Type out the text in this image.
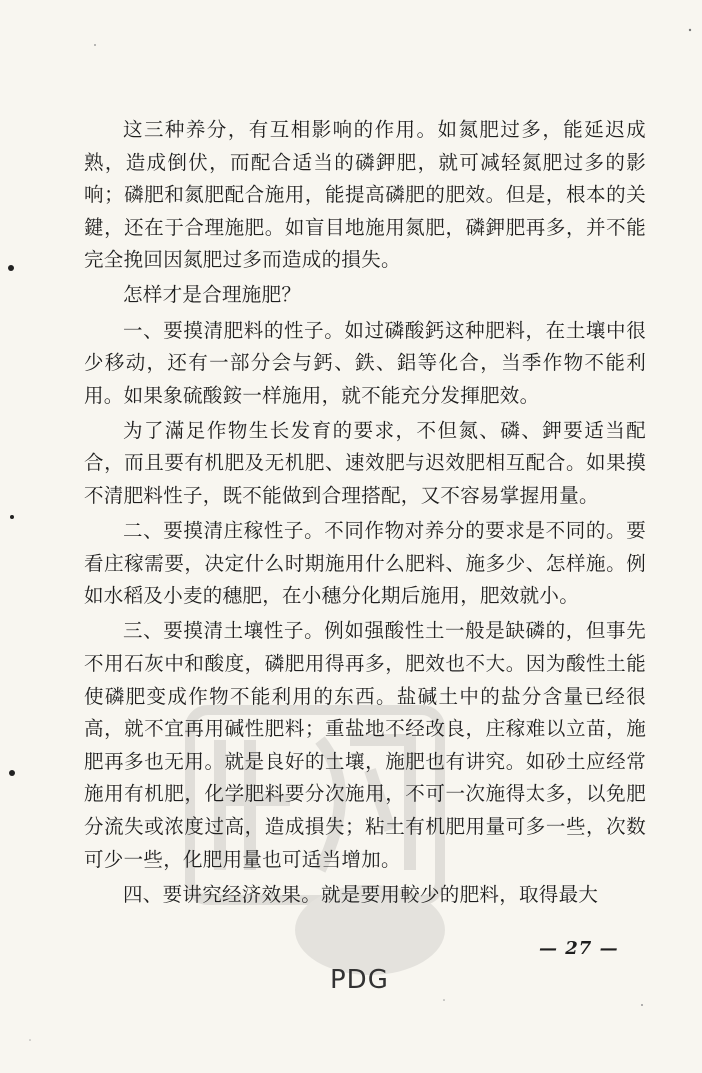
PDG

这三种养分，有互相影响的作用。如氮肥过多，能延迟成熟，造成倒伏，而配合适当的磷鉀肥，就可减轻氮肥过多的影响；磷肥和氮肥配合施用，能提高磷肥的肥效。但是，根本的关鍵，还在于合理施肥。如盲目地施用氮肥，磷鉀肥再多，并不能完全挽回因氮肥过多而造成的損失。

怎样才是合理施肥？

一、要摸清肥料的性子。如过磷酸鈣这种肥料，在土壤中很少移动，还有一部分会与鈣、鉄、鋁等化合，当季作物不能利用。如果象硫酸銨一样施用，就不能充分发揮肥效。

为了滿足作物生长发育的要求，不但氮、磷、鉀要适当配合，而且要有机肥及无机肥、速效肥与迟效肥相互配合。如果摸不清肥料性子，既不能做到合理搭配，又不容易掌握用量。

二、要摸清庄稼性子。不同作物对养分的要求是不同的。要看庄稼需要，决定什么时期施用什么肥料、施多少、怎样施。例如水稻及小麦的穗肥，在小穗分化期后施用，肥效就小。

三、要摸清土壤性子。例如强酸性土一般是缺磷的，但事先不用石灰中和酸度，磷肥用得再多，肥效也不大。因为酸性土能使磷肥变成作物不能利用的东西。盐碱土中的盐分含量已经很高，就不宜再用碱性肥料；重盐地不经改良，庄稼难以立苗，施肥再多也无用。就是良好的土壤，施肥也有讲究。如砂土应经常施用有机肥，化学肥料要分次施用，不可一次施得太多，以免肥分流失或浓度过高，造成損失；粘土有机肥用量可多一些，次数可少一些，化肥用量也可适当增加。

四、要讲究经济效果。就是要用較少的肥料，取得最大

— 27 —
